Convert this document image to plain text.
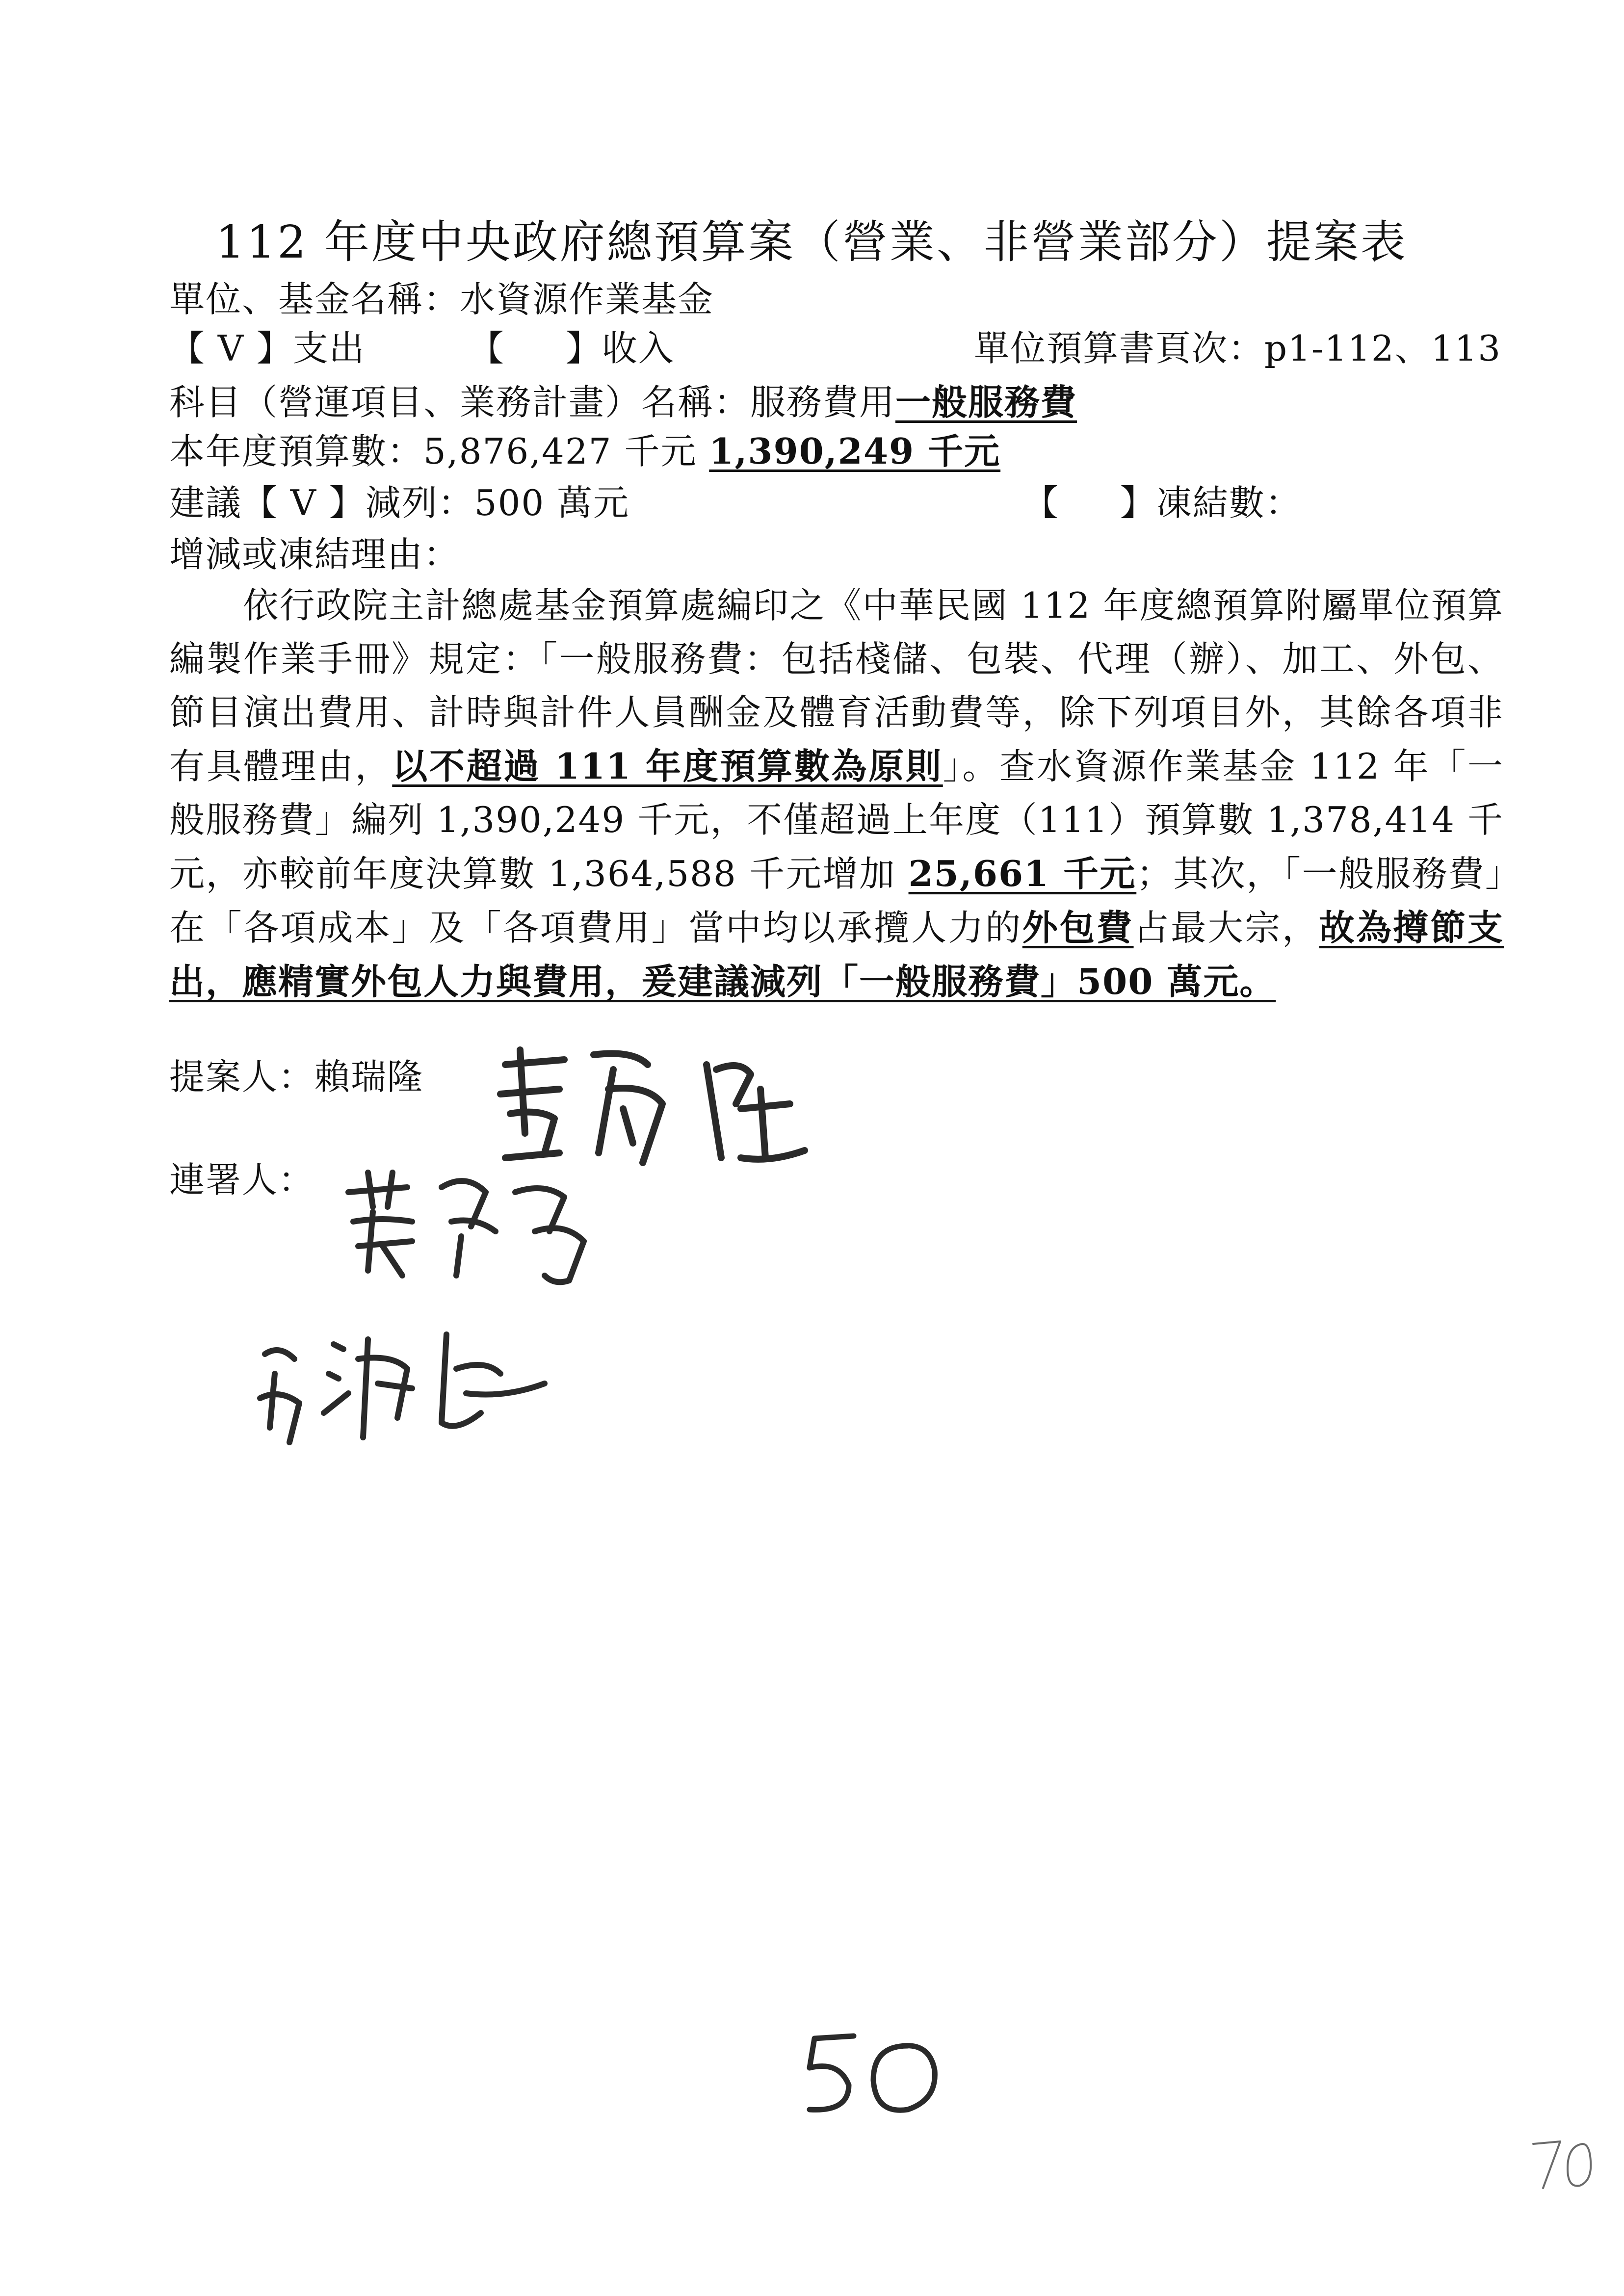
112 年度中央政府總預算案（營業、非營業部分）提案表
單位、基金名稱：水資源作業基金
【 V 】支出	【 　 】收入	單位預算書頁次：p1-112、113
科目（營運項目、業務計畫）名稱：服務費用一般服務費
本年度預算數：5,876,427 千元 1,390,249 千元
建議【 V 】減列：500 萬元	【 　 】凍結數：
增減或凍結理由：
依行政院主計總處基金預算處編印之《中華民國 112 年度總預算附屬單位預算編製作業手冊》規定：「一般服務費：包括棧儲、包裝、代理（辦）、加工、外包、節目演出費用、計時與計件人員酬金及體育活動費等，除下列項目外，其餘各項非有具體理由，以不超過 111 年度預算數為原則」。查水資源作業基金 112 年「一般服務費」編列 1,390,249 千元，不僅超過上年度（111）預算數 1,378,414 千元，亦較前年度決算數 1,364,588 千元增加 25,661 千元；其次，「一般服務費」在「各項成本」及「各項費用」當中均以承攬人力的外包費占最大宗，故為撙節支出，應精實外包人力與費用，爰建議減列「一般服務費」500 萬元。
提案人：賴瑞隆
連署人：
